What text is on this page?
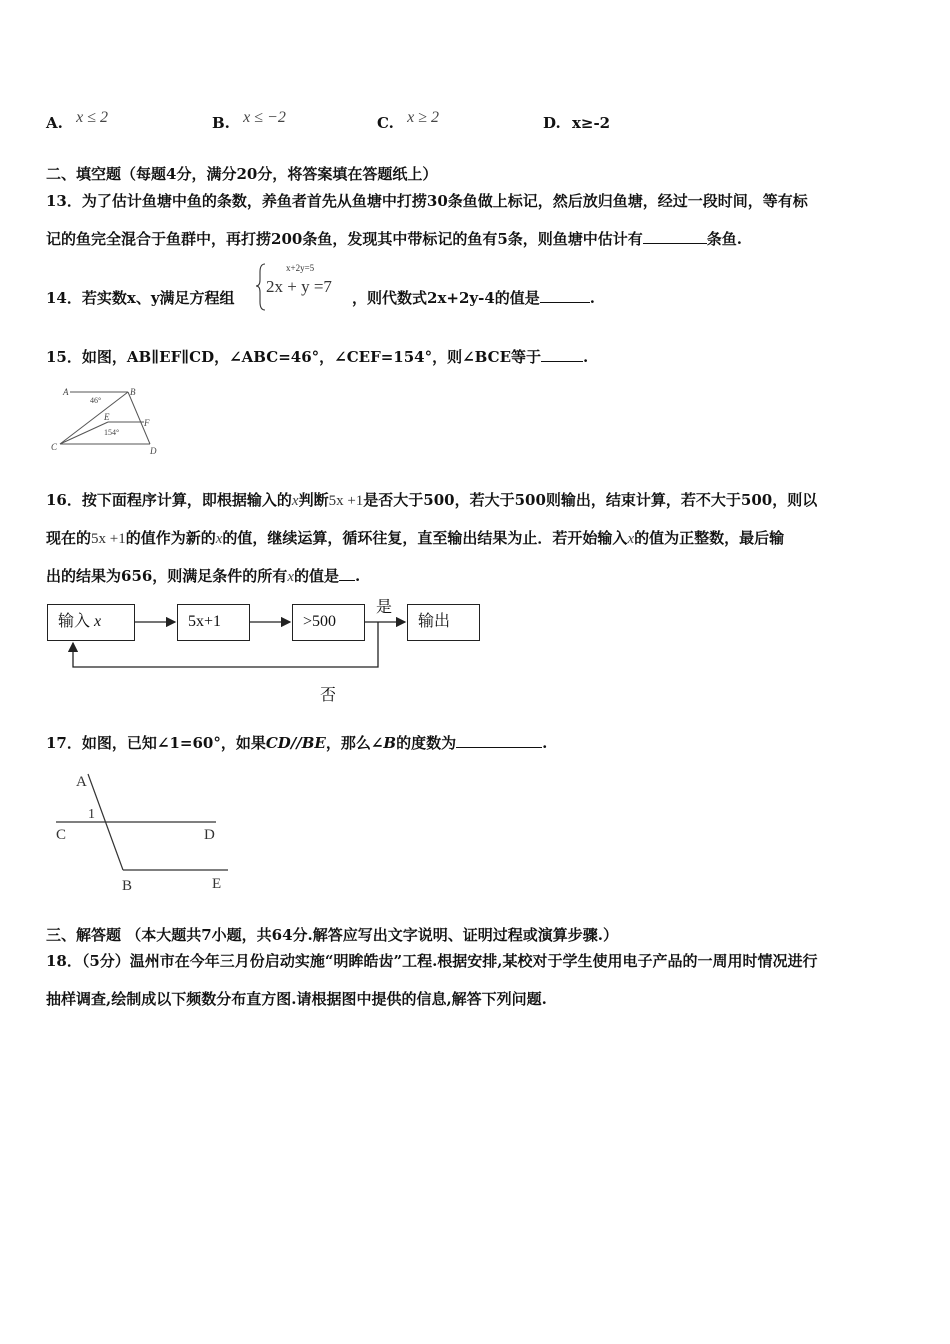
A. x ≤ 2	B. x ≤ −2	C. x ≥ 2	D. x≥-2
二、填空题（每题4分，满分20分，将答案填在答题纸上）
13．为了估计鱼塘中鱼的条数，养鱼者首先从鱼塘中打捞30条鱼做上标记，然后放归鱼塘，经过一段时间，等有标
记的鱼完全混合于鱼群中，再打捞200条鱼，发现其中带标记的鱼有5条，则鱼塘中估计有	条鱼.
14．若实数x、y满足方程组
x+2y=5
2x + y =7
，则代数式2x+2y-4的值是	.
15．如图，AB∥EF∥CD，∠ABC=46°，∠CEF=154°，则∠BCE等于	.
A	B
C	D
E
F
46°
154°
16．按下面程序计算，即根据输入的x判断5x +1是否大于500，若大于500则输出，结束计算，若不大于500，则以
现在的5x +1的值作为新的x的值，继续运算，循环往复，直至输出结果为止．若开始输入x的值为正整数，最后输
出的结果为656，则满足条件的所有x的值是 .
输入 x	5x+1	>500	输出
是
否
17．如图，已知∠1=60°，如果CD//BE，那么∠B的度数为	.
A
1
C	D
B	E
三、解答题 （本大题共7小题，共64分.解答应写出文字说明、证明过程或演算步骤.）
18．（5分）温州市在今年三月份启动实施“明眸皓齿”工程.根据安排,某校对于学生使用电子产品的一周用时情况进行
抽样调查,绘制成以下频数分布直方图.请根据图中提供的信息,解答下列问题.
